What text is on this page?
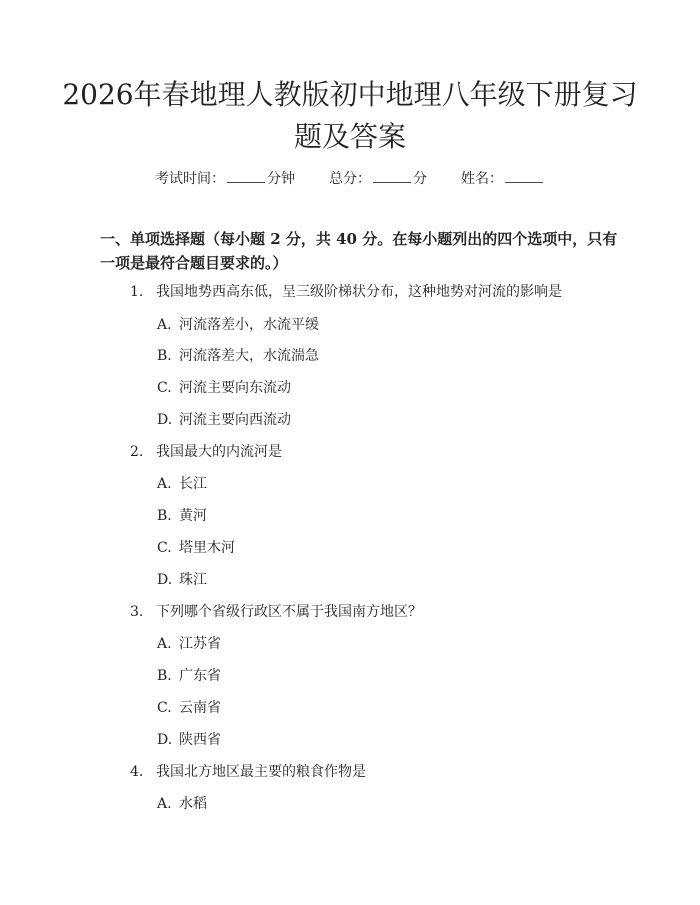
2026年春地理人教版初中地理八年级下册复习题及答案
考试时间：	分钟 总分：	分 姓名：
一、单项选择题（每小题 2 分，共 40 分。在每小题列出的四个选项中，只有一项是最符合题目要求的。）
1. 我国地势西高东低，呈三级阶梯状分布，这种地势对河流的影响是
A. 河流落差小，水流平缓
B. 河流落差大，水流湍急
C. 河流主要向东流动
D. 河流主要向西流动
2. 我国最大的内流河是
A. 长江
B. 黄河
C. 塔里木河
D. 珠江
3. 下列哪个省级行政区不属于我国南方地区？
A. 江苏省
B. 广东省
C. 云南省
D. 陕西省
4. 我国北方地区最主要的粮食作物是
A. 水稻
